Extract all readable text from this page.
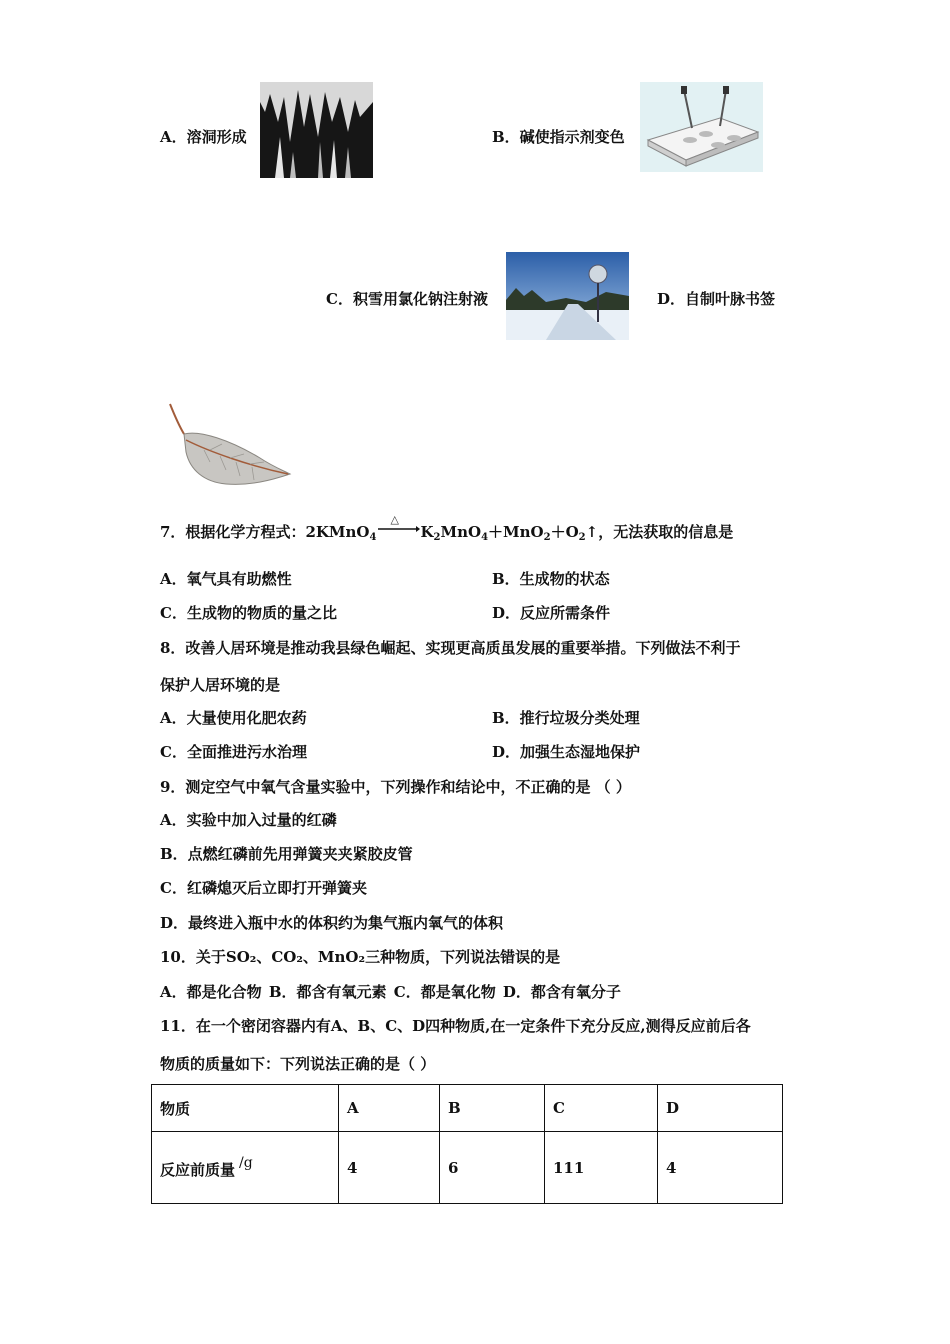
A．溶洞形成	B．碱使指示剂变色
C．积雪用氯化钠注射液	D．自制叶脉书签
7．根据化学方程式：2KMnO$_4$
△
$K_2MnO_4+MnO_2+O_2↑$，无法获取的信息是
A．氧气具有助燃性	B．生成物的状态
C．生成物的物质的量之比	D．反应所需条件
8．改善人居环境是推动我县绿色崛起、实现更高质虽发展的重要举措。下列做法不利于
保护人居环境的是
A．大量使用化肥农药	B．推行垃圾分类处理
C．全面推进污水治理	D．加强生态湿地保护
9．测定空气中氧气含量实验中，下列操作和结论中，不正确的是 （ ）
A．实验中加入过量的红磷
B．点燃红磷前先用弹簧夹夹紧胶皮管
C．红磷熄灭后立即打开弹簧夹
D．最终进入瓶中水的体积约为集气瓶内氧气的体积
10．关于SO₂、CO₂、MnO₂三种物质，下列说法错误的是
A．都是化合物 B．都含有氧元素 C．都是氧化物 D．都含有氧分子
11．在一个密闭容器内有A、B、C、D四种物质,在一定条件下充分反应,测得反应前后各
物质的质量如下：下列说法正确的是（ ）
物质	A	B	C	D
反应前质量 /g	4	6	111	4
